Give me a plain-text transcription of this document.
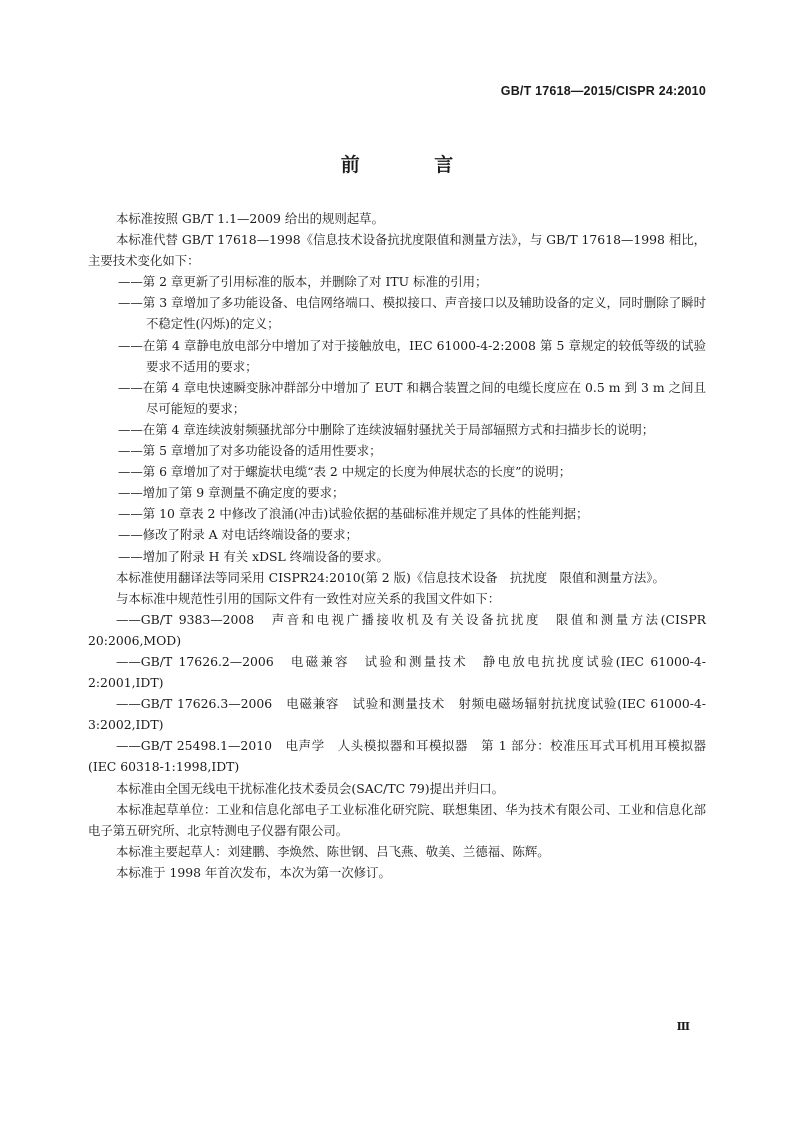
GB/T 17618—2015/CISPR 24:2010
前 言

本标准按照 GB/T 1.1—2009 给出的规则起草。

本标准代替 GB/T 17618—1998《信息技术设备抗扰度限值和测量方法》，与 GB/T 17618—1998 相比，主要技术变化如下：

——第 2 章更新了引用标准的版本，并删除了对 ITU 标准的引用；

——第 3 章增加了多功能设备、电信网络端口、模拟接口、声音接口以及辅助设备的定义，同时删除了瞬时不稳定性(闪烁)的定义；

——在第 4 章静电放电部分中增加了对于接触放电，IEC 61000-4-2:2008 第 5 章规定的较低等级的试验要求不适用的要求；

——在第 4 章电快速瞬变脉冲群部分中增加了 EUT 和耦合装置之间的电缆长度应在 0.5 m 到 3 m 之间且尽可能短的要求；

——在第 4 章连续波射频骚扰部分中删除了连续波辐射骚扰关于局部辐照方式和扫描步长的说明；

——第 5 章增加了对多功能设备的适用性要求；

——第 6 章增加了对于螺旋状电缆“表 2 中规定的长度为伸展状态的长度”的说明；

——增加了第 9 章测量不确定度的要求；

——第 10 章表 2 中修改了浪涌(冲击)试验依据的基础标准并规定了具体的性能判据；

——修改了附录 A 对电话终端设备的要求；

——增加了附录 H 有关 xDSL 终端设备的要求。

本标准使用翻译法等同采用 CISPR24:2010(第 2 版)《信息技术设备　抗扰度　限值和测量方法》。

与本标准中规范性引用的国际文件有一致性对应关系的我国文件如下：

——GB/T 9383—2008　声音和电视广播接收机及有关设备抗扰度　限值和测量方法(CISPR 20:2006,MOD)

——GB/T 17626.2—2006　电磁兼容　试验和测量技术　静电放电抗扰度试验(IEC 61000-4-2:2001,IDT)

——GB/T 17626.3—2006　电磁兼容　试验和测量技术　射频电磁场辐射抗扰度试验(IEC 61000-4-3:2002,IDT)

——GB/T 25498.1—2010　电声学　人头模拟器和耳模拟器　第 1 部分：校准压耳式耳机用耳模拟器(IEC 60318-1:1998,IDT)

本标准由全国无线电干扰标准化技术委员会(SAC/TC 79)提出并归口。

本标准起草单位：工业和信息化部电子工业标准化研究院、联想集团、华为技术有限公司、工业和信息化部电子第五研究所、北京特测电子仪器有限公司。

本标准主要起草人：刘建鹏、李焕然、陈世钢、吕飞燕、敬美、兰德福、陈辉。

本标准于 1998 年首次发布，本次为第一次修订。

Ⅲ
